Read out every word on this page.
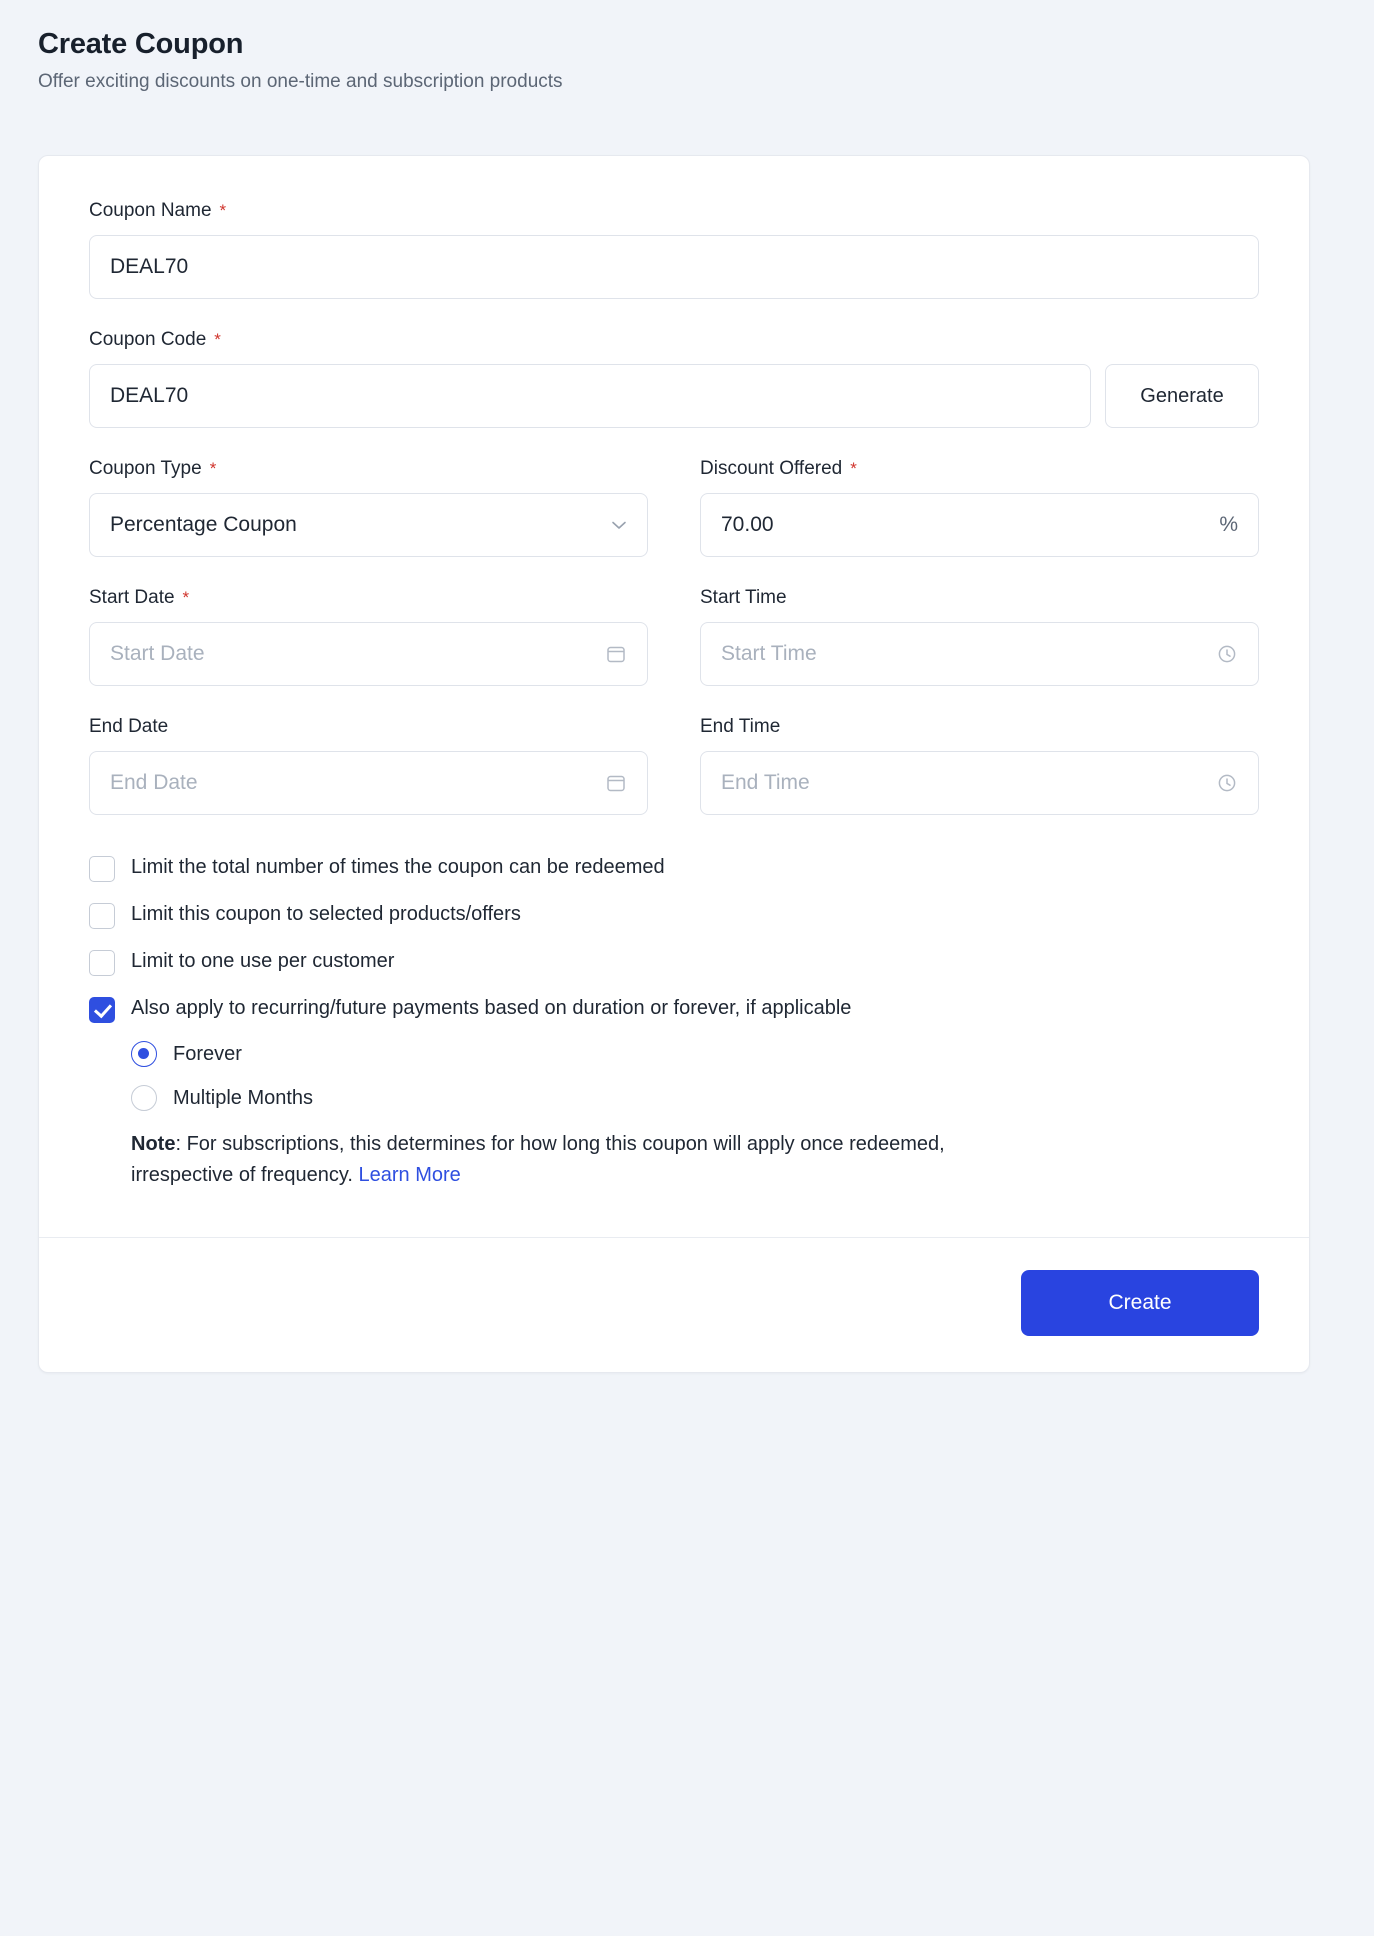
Create Coupon

Offer exciting discounts on one-time and subscription products

Coupon Name *
DEAL70
Coupon Code *
DEAL70	Generate
Coupon Type *
Percentage Coupon
Discount Offered *
70.00	%
Start Date *
Start Date
Start Time
Start Time
End Date
End Date
End Time
End Time
Limit the total number of times the coupon can be redeemed
Limit this coupon to selected products/offers
Limit to one use per customer
Also apply to recurring/future payments based on duration or forever, if applicable
Forever
Multiple Months
Note: For subscriptions, this determines for how long this coupon will apply once redeemed, irrespective of frequency. Learn More
Create
